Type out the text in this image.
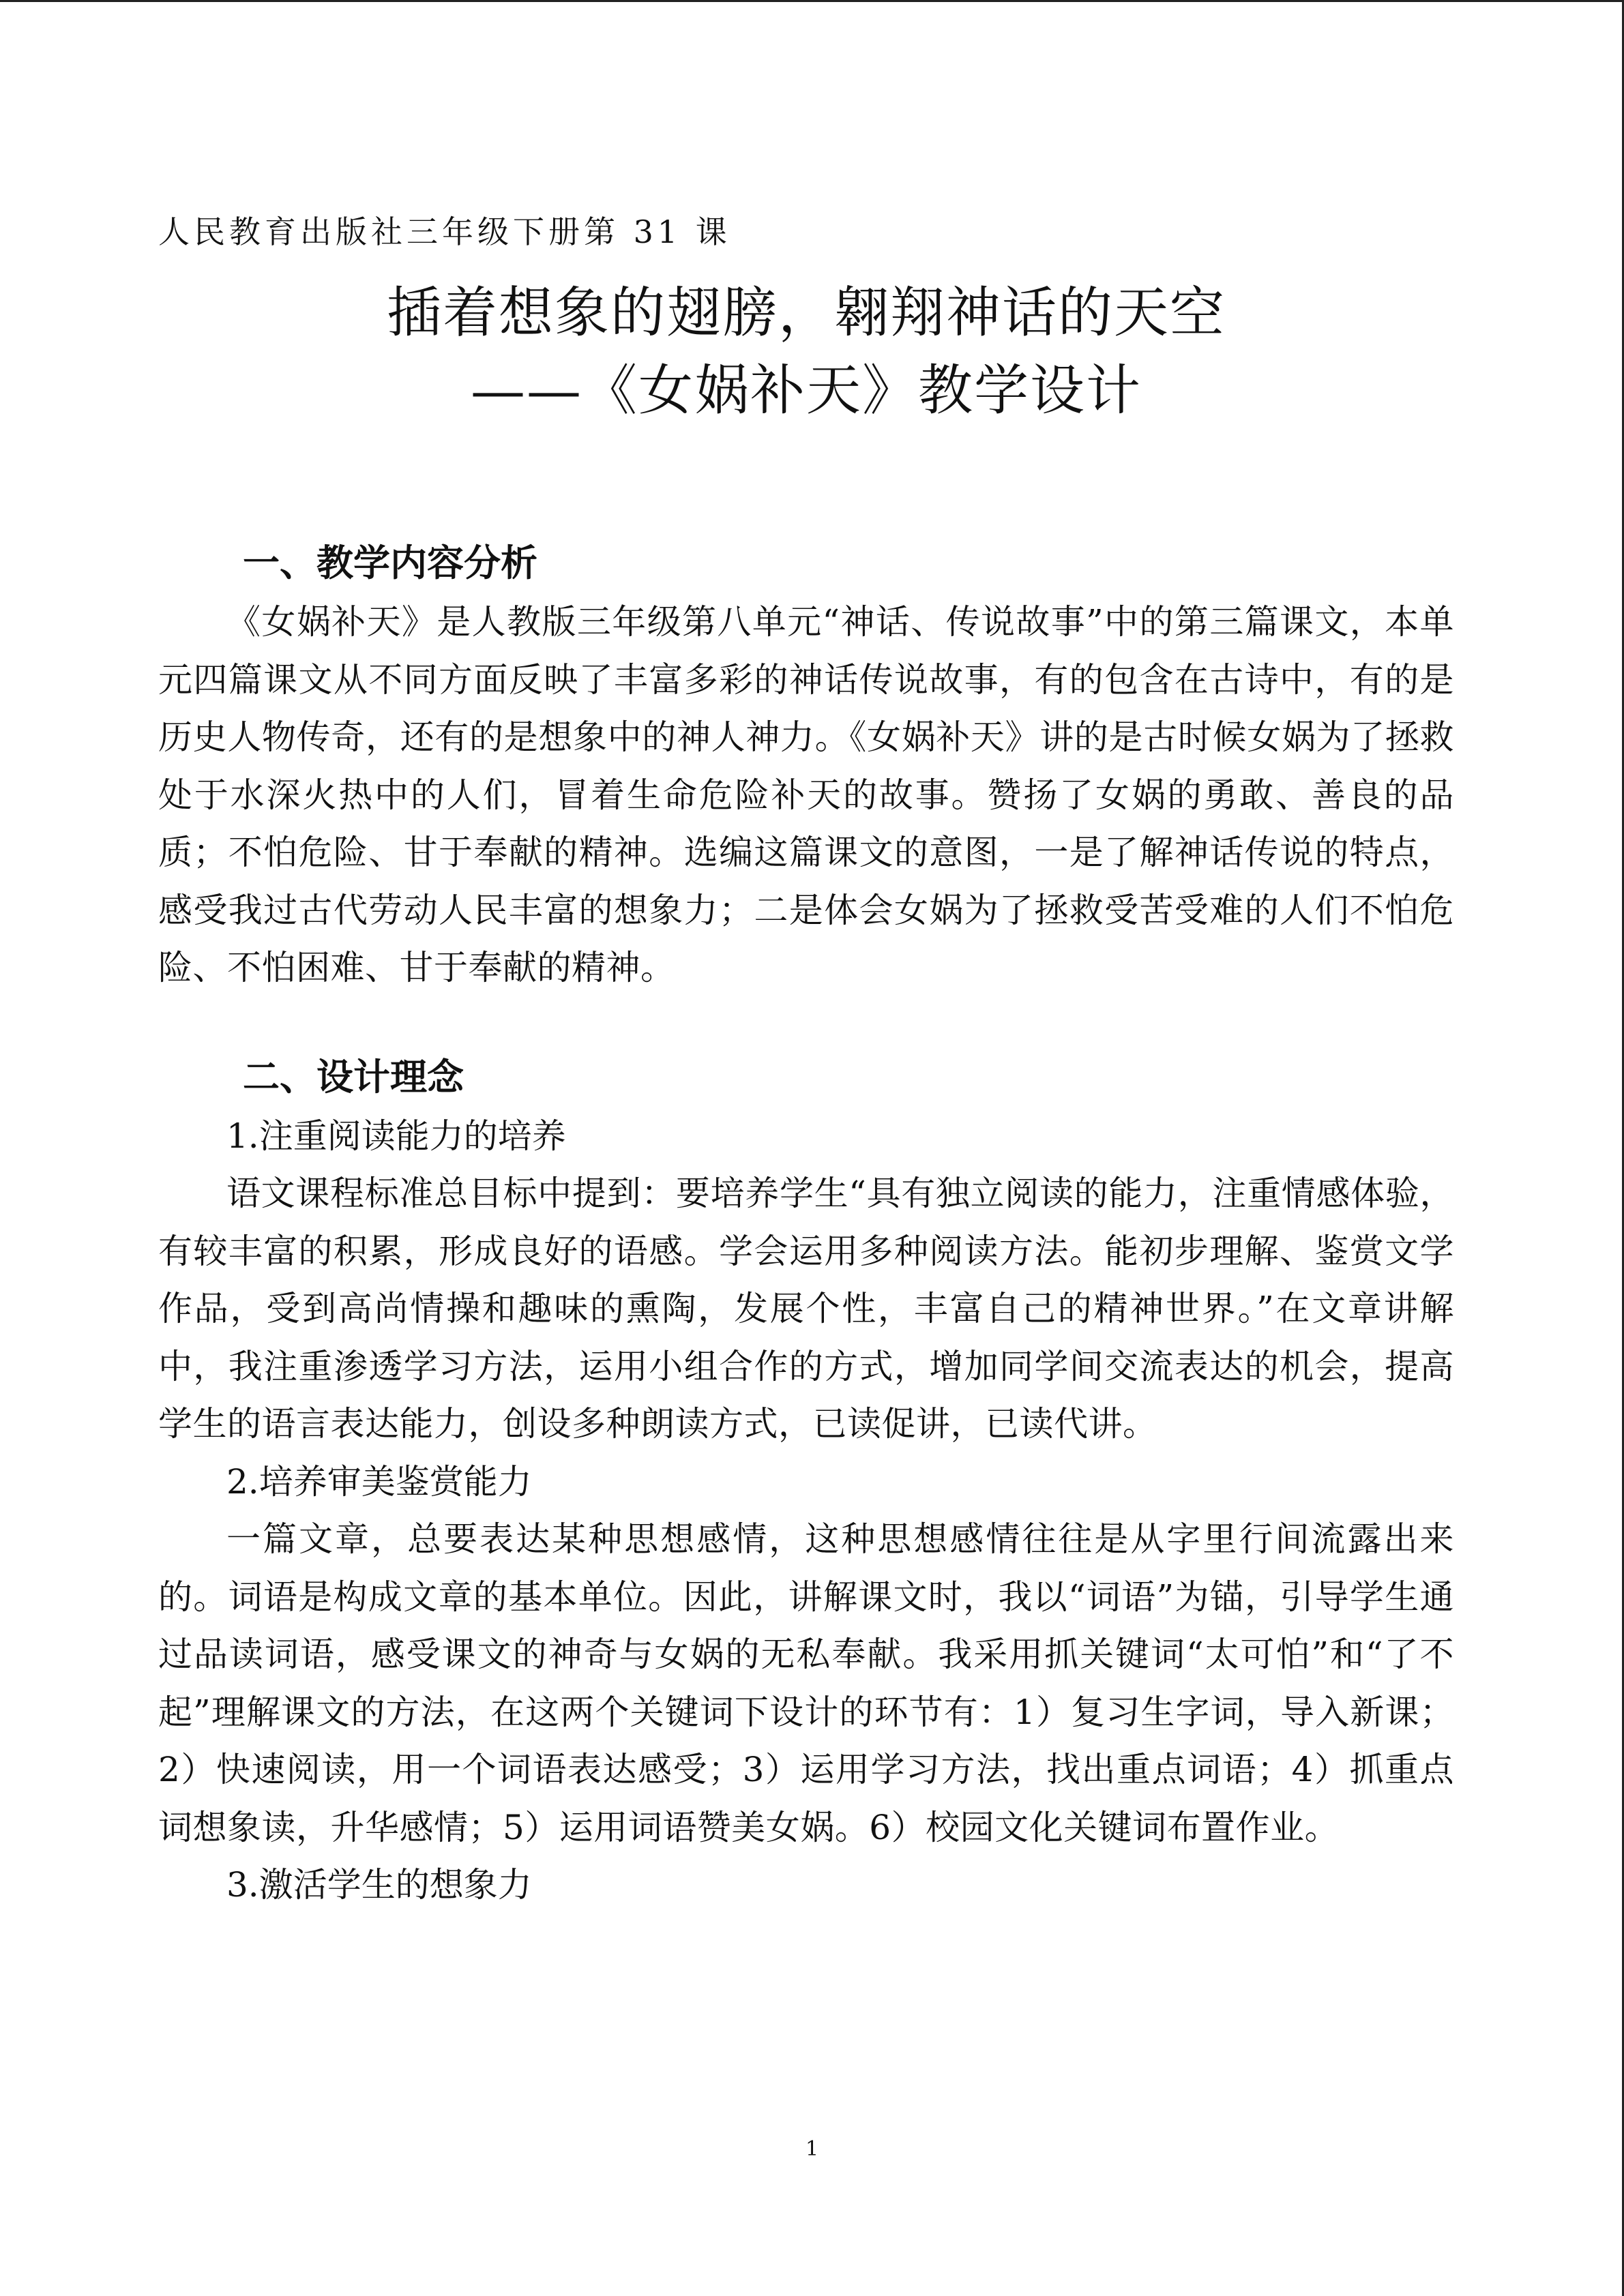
人民教育出版社三年级下册第 31 课

插着想象的翅膀，翱翔神话的天空

——《女娲补天》教学设计

一、教学内容分析

《女娲补天》是人教版三年级第八单元“神话、传说故事”中的第三篇课文，本单元四篇课文从不同方面反映了丰富多彩的神话传说故事，有的包含在古诗中，有的是历史人物传奇，还有的是想象中的神人神力。《女娲补天》讲的是古时候女娲为了拯救处于水深火热中的人们，冒着生命危险补天的故事。赞扬了女娲的勇敢、善良的品质；不怕危险、甘于奉献的精神。选编这篇课文的意图，一是了解神话传说的特点，感受我过古代劳动人民丰富的想象力；二是体会女娲为了拯救受苦受难的人们不怕危险、不怕困难、甘于奉献的精神。

二、设计理念

1.注重阅读能力的培养

语文课程标准总目标中提到：要培养学生“具有独立阅读的能力，注重情感体验，有较丰富的积累，形成良好的语感。学会运用多种阅读方法。能初步理解、鉴赏文学作品，受到高尚情操和趣味的熏陶，发展个性，丰富自己的精神世界。”在文章讲解中，我注重渗透学习方法，运用小组合作的方式，增加同学间交流表达的机会，提高学生的语言表达能力，创设多种朗读方式，已读促讲，已读代讲。

2.培养审美鉴赏能力

一篇文章，总要表达某种思想感情，这种思想感情往往是从字里行间流露出来的。词语是构成文章的基本单位。因此，讲解课文时，我以“词语”为锚，引导学生通过品读词语，感受课文的神奇与女娲的无私奉献。我采用抓关键词“太可怕”和“了不起”理解课文的方法，在这两个关键词下设计的环节有：1）复习生字词，导入新课；2）快速阅读，用一个词语表达感受；3）运用学习方法，找出重点词语；4）抓重点词想象读，升华感情；5）运用词语赞美女娲。6）校园文化关键词布置作业。

3.激活学生的想象力

1
